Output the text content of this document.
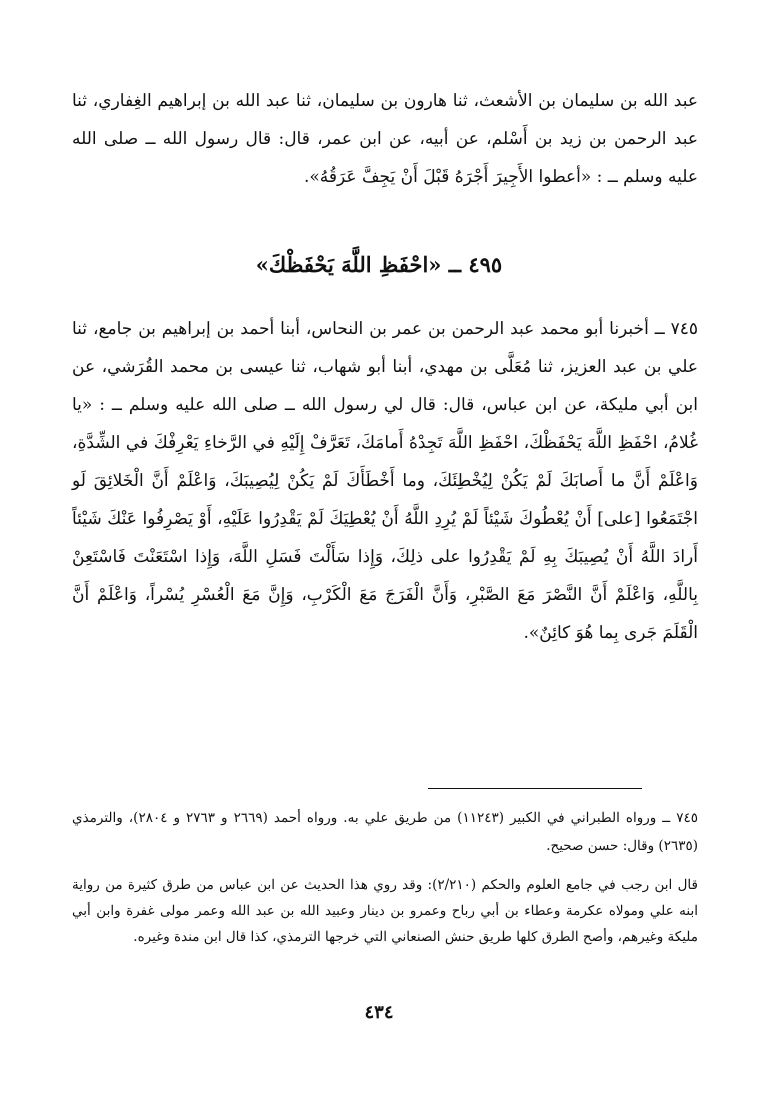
عبد الله بن سليمان بن الأشعث، ثنا هارون بن سليمان، ثنا عبد الله بن إبراهيم الغِفاري، ثنا عبد الرحمن بن زيد بن أَسْلم، عن أبيه، عن ابن عمر، قال: قال رسول الله ــ صلى الله عليه وسلم ــ : «أعطوا الأَجِيرَ أَجْرَهُ قَبْلَ أَنْ يَجِفَّ عَرَقُهُ».

٤٩٥ ــ «احْفَظِ اللَّهَ يَحْفَظْكَ»

٧٤٥ ــ أخبرنا أبو محمد عبد الرحمن بن عمر بن النحاس، أبنا أحمد بن إبراهيم بن جامع، ثنا علي بن عبد العزيز، ثنا مُعَلَّى بن مهدي، أبنا أبو شهاب، ثنا عيسى بن محمد القُرَشي، عن ابن أبي مليكة، عن ابن عباس، قال: قال لي رسول الله ــ صلى الله عليه وسلم ــ : «يا غُلامُ، احْفَظِ اللَّهَ يَحْفَظْكَ، احْفَظِ اللَّهَ تَجِدْهُ أَمامَكَ، تَعَرَّفْ إِلَيْهِ في الرَّخاءِ يَعْرِفْكَ في الشِّدَّةِ، وَاعْلَمْ أَنَّ ما أَصابَكَ لَمْ يَكُنْ لِيُخْطِئَكَ، وما أَخْطَأَكَ لَمْ يَكُنْ لِيُصِيبَكَ، وَاعْلَمْ أَنَّ الْخَلائِقَ لَو اجْتَمَعُوا [على] أَنْ يُعْطُوكَ شَيْئاً لَمْ يُرِدِ اللَّهُ أَنْ يُعْطِيَكَ لَمْ يَقْدِرُوا عَلَيْهِ، أَوْ يَصْرِفُوا عَنْكَ شَيْئاً أَرادَ اللَّهُ أَنْ يُصِيبَكَ بِهِ لَمْ يَقْدِرُوا على ذلِكَ، وَإِذا سَأَلْتَ فَسَلِ اللَّهَ، وَإِذا اسْتَعَنْتَ فَاسْتَعِنْ بِاللَّهِ، وَاعْلَمْ أَنَّ النَّصْرَ مَعَ الصَّبْرِ، وَأَنَّ الْفَرَجَ مَعَ الْكَرْبِ، وَإِنَّ مَعَ الْعُسْرِ يُسْراً، وَاعْلَمْ أَنَّ الْقَلَمَ جَرى بِما هُوَ كائِنٌ».

٧٤٥ ــ ورواه الطبراني في الكبير (١١٢٤٣) من طريق علي به. ورواه أحمد (٢٦٦٩ و ٢٧٦٣ و ٢٨٠٤)، والترمذي (٢٦٣٥) وقال: حسن صحيح.

قال ابن رجب في جامع العلوم والحكم (٢/٢١٠): وقد روي هذا الحديث عن ابن عباس من طرق كثيرة من رواية ابنه علي ومولاه عكرمة وعطاء بن أبي رباح وعمرو بن دينار وعبيد الله بن عبد الله وعمر مولى غفرة وابن أبي مليكة وغيرهم، وأصح الطرق كلها طريق حنش الصنعاني التي خرجها الترمذي، كذا قال ابن مندة وغيره.

٤٣٤
